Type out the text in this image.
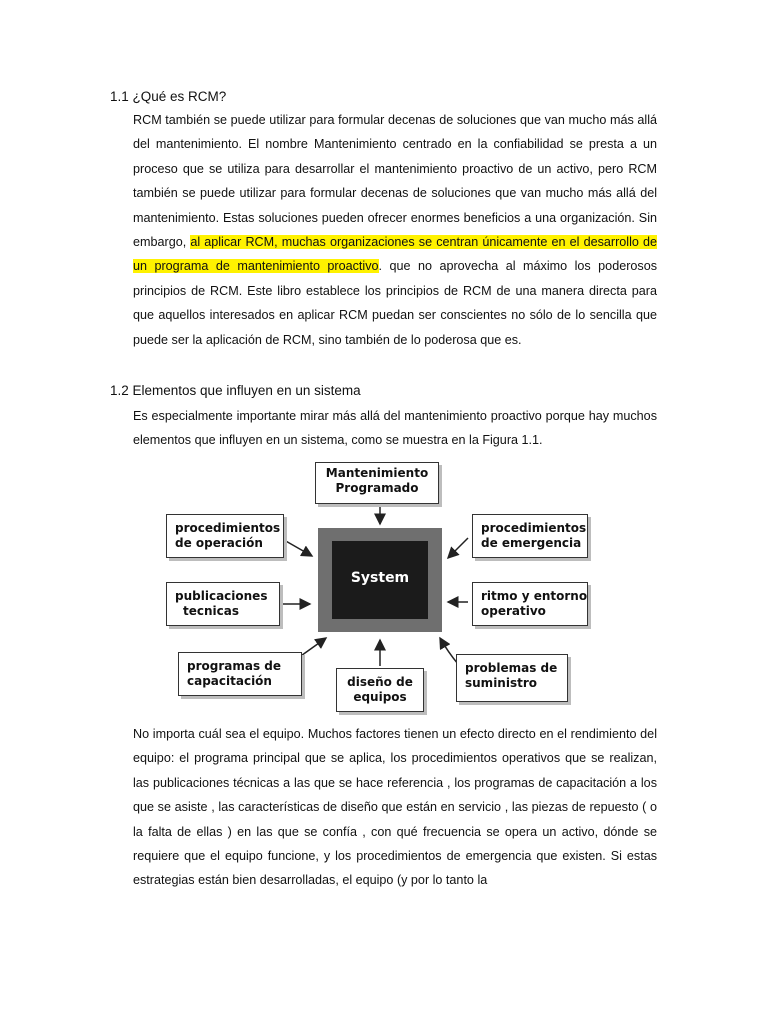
1.1 ¿Qué es RCM?

RCM también se puede utilizar para formular decenas de soluciones que van mucho más allá del mantenimiento. El nombre Mantenimiento centrado en la confiabilidad se presta a un proceso que se utiliza para desarrollar el mantenimiento proactivo de un activo, pero RCM también se puede utilizar para formular decenas de soluciones que van mucho más allá del mantenimiento. Estas soluciones pueden ofrecer enormes beneficios a una organización. Sin embargo, al aplicar RCM, muchas organizaciones se centran únicamente en el desarrollo de un programa de mantenimiento proactivo. que no aprovecha al máximo los poderosos principios de RCM. Este libro establece los principios de RCM de una manera directa para que aquellos interesados en aplicar RCM puedan ser conscientes no sólo de lo sencilla que puede ser la aplicación de RCM, sino también de lo poderosa que es.

1.2 Elementos que influyen en un sistema

Es especialmente importante mirar más allá del mantenimiento proactivo porque hay muchos elementos que influyen en un sistema, como se muestra en la Figura 1.1.

Mantenimiento
Programado
procedimientos
de operación
procedimientos
de emergencia
publicaciones
tecnicas
ritmo y entorno
operativo
programas de
capacitación	diseño de
equipos
problemas de
suministro
System

No importa cuál sea el equipo. Muchos factores tienen un efecto directo en el rendimiento del equipo: el programa principal que se aplica, los procedimientos operativos que se realizan, las publicaciones técnicas a las que se hace referencia , los programas de capacitación a los que se asiste , las características de diseño que están en servicio , las piezas de repuesto ( o la falta de ellas ) en las que se confía , con qué frecuencia se opera un activo, dónde se requiere que el equipo funcione, y los procedimientos de emergencia que existen. Si estas estrategias están bien desarrolladas, el equipo (y por lo tanto la
